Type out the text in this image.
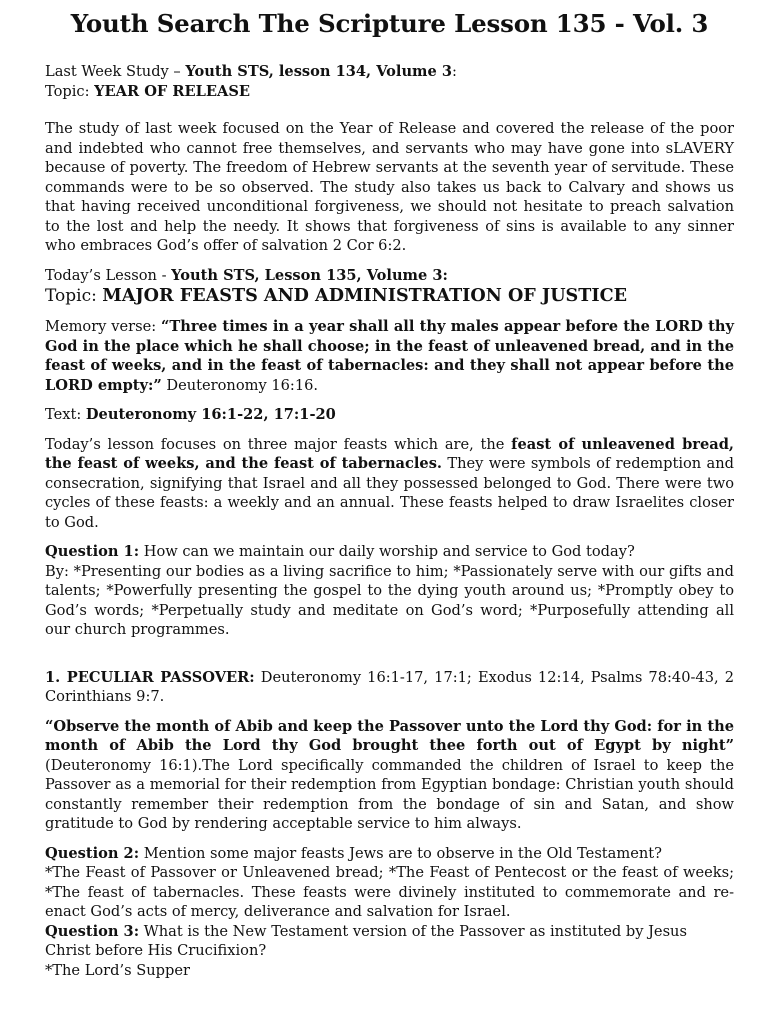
Youth Search The Scripture Lesson 135 - Vol. 3

Last Week Study – Youth STS, lesson 134, Volume 3:

Topic: YEAR OF RELEASE

The study of last week focused on the Year of Release and covered the release of the poor and indebted who cannot free themselves, and servants who may have gone into sLAVERY because of poverty. The freedom of Hebrew servants at the seventh year of servitude. These commands were to be so observed. The study also takes us back to Calvary and shows us that having received unconditional forgiveness, we should not hesitate to preach salvation to the lost and help the needy. It shows that forgiveness of sins is available to any sinner who embraces God’s offer of salvation 2 Cor 6:2.

Today’s Lesson - Youth STS, Lesson 135, Volume 3:

Topic: MAJOR FEASTS AND ADMINISTRATION OF JUSTICE

Memory verse: “Three times in a year shall all thy males appear before the LORD thy God in the place which he shall choose; in the feast of unleavened bread, and in the feast of weeks, and in the feast of tabernacles: and they shall not appear before the LORD empty:” Deuteronomy 16:16.

Text: Deuteronomy 16:1-22, 17:1-20

Today’s lesson focuses on three major feasts which are, the feast of unleavened bread, the feast of weeks, and the feast of tabernacles. They were symbols of redemption and consecration, signifying that Israel and all they possessed belonged to God. There were two cycles of these feasts: a weekly and an annual. These feasts helped to draw Israelites closer to God.

Question 1: How can we maintain our daily worship and service to God today?

By: *Presenting our bodies as a living sacrifice to him; *Passionately serve with our gifts and talents; *Powerfully presenting the gospel to the dying youth around us; *Promptly obey to God’s words; *Perpetually study and meditate on God’s word; *Purposefully attending all our church programmes.

1. PECULIAR PASSOVER: Deuteronomy 16:1-17, 17:1; Exodus 12:14, Psalms 78:40-43, 2 Corinthians 9:7.

“Observe the month of Abib and keep the Passover unto the Lord thy God: for in the month of Abib the Lord thy God brought thee forth out of Egypt by night” (Deuteronomy 16:1).The Lord specifically commanded the children of Israel to keep the Passover as a memorial for their redemption from Egyptian bondage: Christian youth should constantly remember their redemption from the bondage of sin and Satan, and show gratitude to God by rendering acceptable service to him always.

Question 2: Mention some major feasts Jews are to observe in the Old Testament?

*The Feast of Passover or Unleavened bread; *The Feast of Pentecost or the feast of weeks; *The feast of tabernacles. These feasts were divinely instituted to commemorate and re-enact God’s acts of mercy, deliverance and salvation for Israel.

Question 3: What is the New Testament version of the Passover as instituted by Jesus Christ before His Crucifixion?

*The Lord’s Supper
